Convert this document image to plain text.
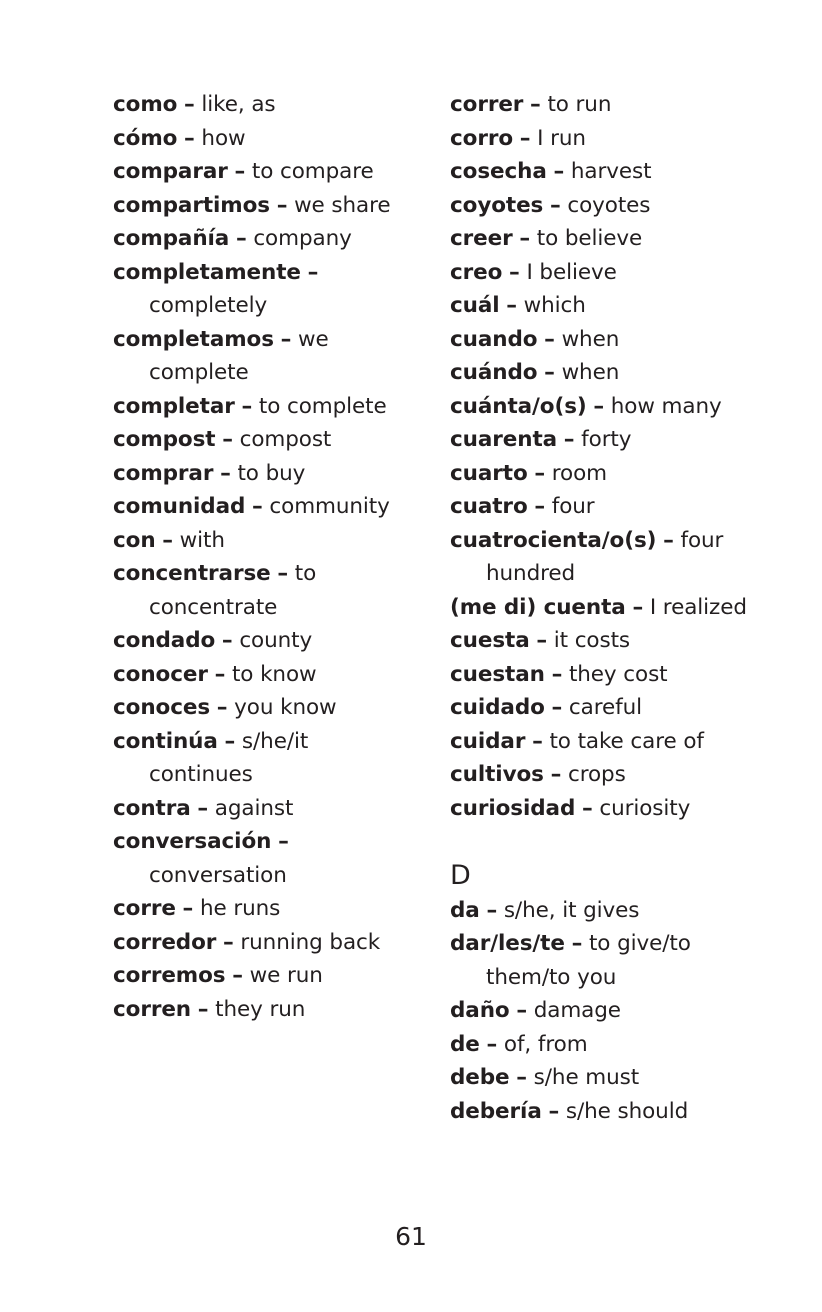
como – like, as
cómo – how
comparar – to compare
compartimos – we share
compañía – company
completamente – completely
completamos – we complete
completar – to complete
compost – compost
comprar – to buy
comunidad – community
con – with
concentrarse – to concentrate
condado – county
conocer – to know
conoces – you know
continúa – s/he/it continues
contra – against
conversación – conversation
corre – he runs
corredor – running back
corremos – we run
corren – they run
correr – to run
corro – I run
cosecha – harvest
coyotes – coyotes
creer – to believe
creo – I believe
cuál – which
cuando – when
cuándo – when
cuánta/o(s) – how many
cuarenta – forty
cuarto – room
cuatro – four
cuatrocienta/o(s) – four hundred
(me di) cuenta – I realized
cuesta – it costs
cuestan – they cost
cuidado – careful
cuidar – to take care of
cultivos – crops
curiosidad – curiosity
D
da – s/he, it gives
dar/les/te – to give/to them/to you
daño – damage
de – of, from
debe – s/he must
debería – s/he should
61
